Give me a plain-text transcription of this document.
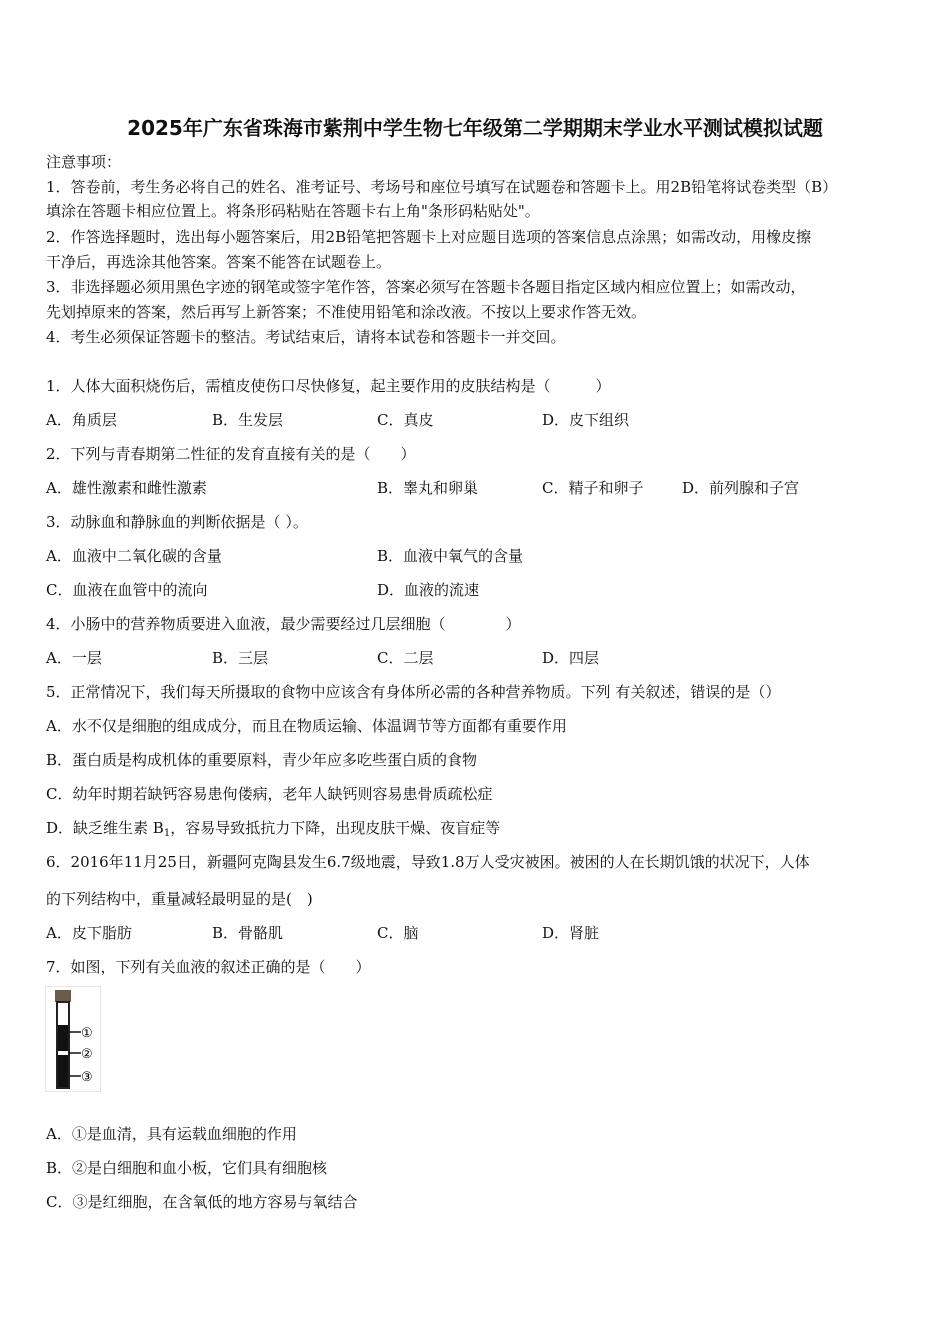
2025年广东省珠海市紫荆中学生物七年级第二学期期末学业水平测试模拟试题
注意事项：
1．答卷前，考生务必将自己的姓名、准考证号、考场号和座位号填写在试题卷和答题卡上。用2B铅笔将试卷类型（B）
填涂在答题卡相应位置上。将条形码粘贴在答题卡右上角"条形码粘贴处"。
2．作答选择题时，选出每小题答案后，用2B铅笔把答题卡上对应题目选项的答案信息点涂黑；如需改动，用橡皮擦
干净后，再选涂其他答案。答案不能答在试题卷上。
3．非选择题必须用黑色字迹的钢笔或签字笔作答，答案必须写在答题卡各题目指定区域内相应位置上；如需改动，
先划掉原来的答案，然后再写上新答案；不准使用铅笔和涂改液。不按以上要求作答无效。
4．考生必须保证答题卡的整洁。考试结束后，请将本试卷和答题卡一并交回。
1．人体大面积烧伤后，需植皮使伤口尽快修复，起主要作用的皮肤结构是（　　　）
A．角质层	B．生发层	C．真皮	D．皮下组织
2．下列与青春期第二性征的发育直接有关的是（　　）
A．雄性激素和雌性激素	B．睾丸和卵巢	C．精子和卵子	D．前列腺和子宫
3．动脉血和静脉血的判断依据是（ ）。
A．血液中二氧化碳的含量	B．血液中氧气的含量
C．血液在血管中的流向	D．血液的流速
4．小肠中的营养物质要进入血液，最少需要经过几层细胞（　　　　）
A．一层	B．三层	C．二层	D．四层
5．正常情况下，我们每天所摄取的食物中应该含有身体所必需的各种营养物质。下列 有关叙述，错误的是（）
A．水不仅是细胞的组成成分，而且在物质运输、体温调节等方面都有重要作用
B．蛋白质是构成机体的重要原料，青少年应多吃些蛋白质的食物
C．幼年时期若缺钙容易患佝偻病，老年人缺钙则容易患骨质疏松症
D．缺乏维生素 $B_1$，容易导致抵抗力下降，出现皮肤干燥、夜盲症等
6．2016年11月25日，新疆阿克陶县发生6.7级地震，导致1.8万人受灾被困。被困的人在长期饥饿的状况下，人体
的下列结构中，重量减轻最明显的是(　)
A．皮下脂肪	B．骨骼肌	C．脑	D．肾脏
7．如图，下列有关血液的叙述正确的是（　　）
①
②
③
A．①是血清，具有运载血细胞的作用
B．②是白细胞和血小板，它们具有细胞核
C．③是红细胞，在含氧低的地方容易与氧结合
